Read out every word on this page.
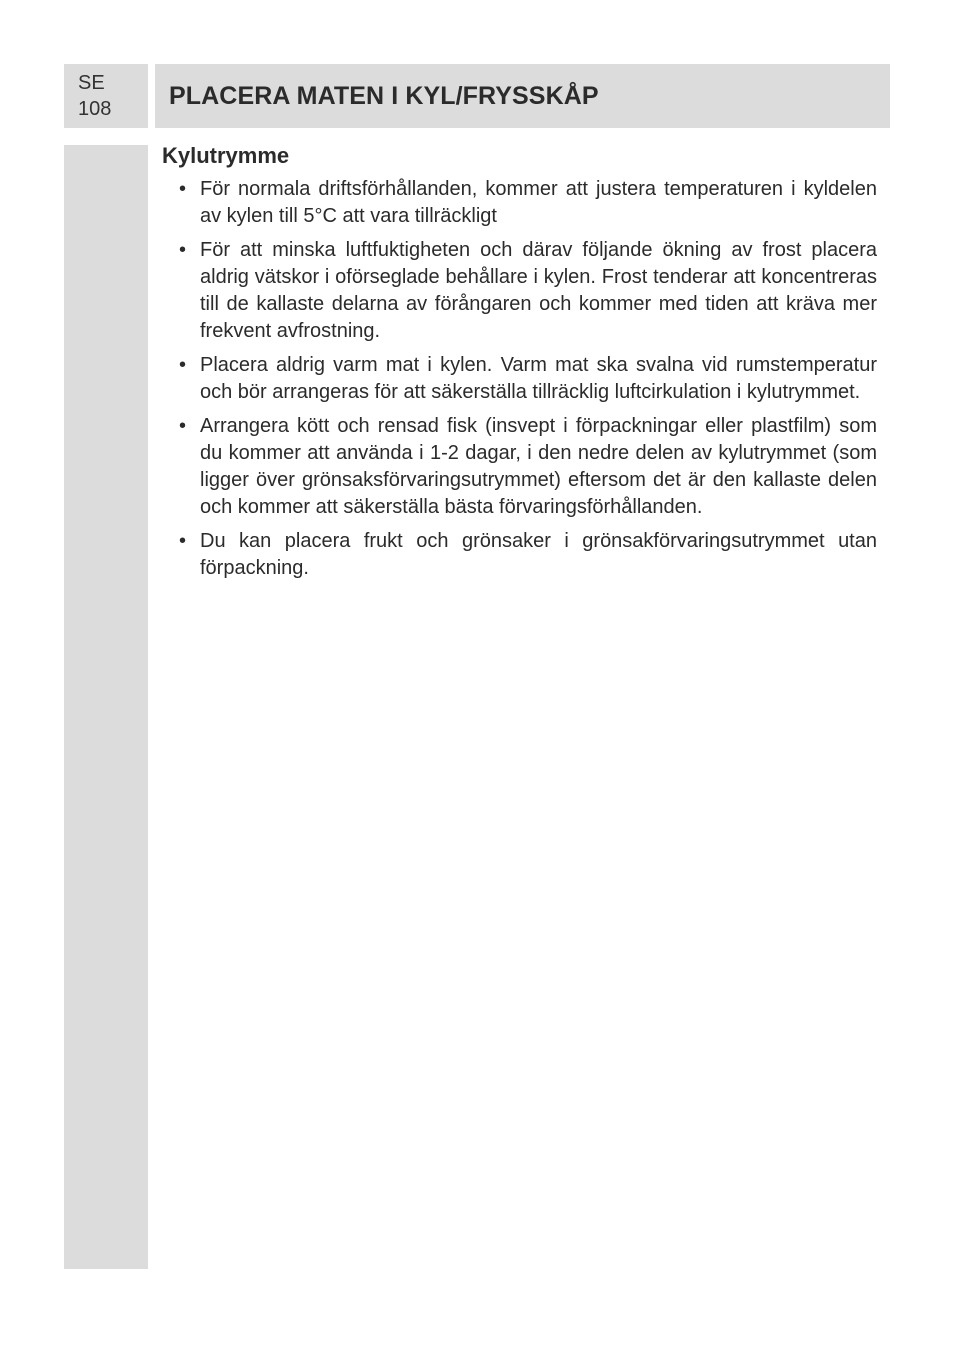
SE
108	PLACERA MATEN I KYL/FRYSSKÅP
Kylutrymme
• För normala driftsförhållanden, kommer att justera temperaturen i kyldelen av kylen till 5°C att vara tillräckligt
• För att minska luftfuktigheten och därav följande ökning av frost placera aldrig vätskor i oförseglade behållare i kylen. Frost tenderar att koncentreras till de kallaste delarna av förångaren och kommer med tiden att kräva mer frekvent avfrostning.
• Placera aldrig varm mat i kylen. Varm mat ska svalna vid rumstemperatur och bör arrangeras för att säkerställa tillräcklig luftcirkulation i kylutrymmet.
• Arrangera kött och rensad fisk (insvept i förpackningar eller plastfilm) som du kommer att använda i 1-2 dagar, i den nedre delen av kylutrymmet (som ligger över grönsaksförvaringsutrymmet) eftersom det är den kallaste delen och kommer att säkerställa bästa förvaringsförhållanden.
• Du kan placera frukt och grönsaker i grönsakförvaringsutrymmet utan förpackning.
